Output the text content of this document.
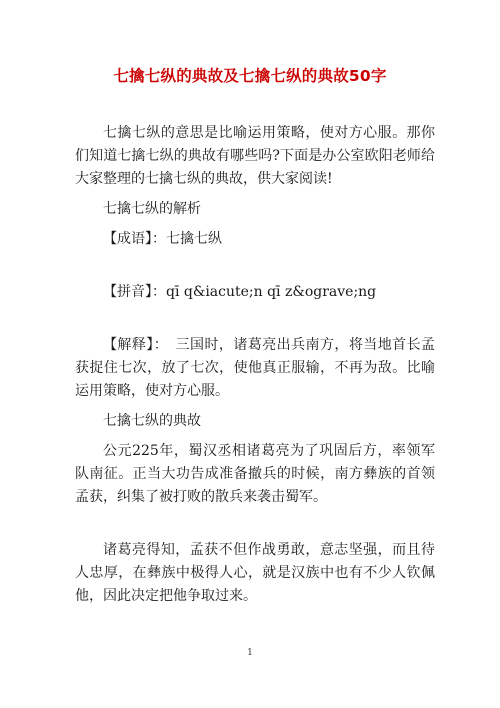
七擒七纵的典故及七擒七纵的典故50字

七擒七纵的意思是比喻运用策略，使对方心服。那你们知道七擒七纵的典故有哪些吗?下面是办公室欧阳老师给大家整理的七擒七纵的典故，供大家阅读!

七擒七纵的解析

【成语】：七擒七纵

【拼音】：qī q&iacute;n qī z&ograve;ng

【解释】：　三国时，诸葛亮出兵南方，将当地首长孟获捉住七次，放了七次，使他真正服输，不再为敌。比喻运用策略，使对方心服。

七擒七纵的典故

公元225年，蜀汉丞相诸葛亮为了巩固后方，率领军队南征。正当大功告成准备撤兵的时候，南方彝族的首领孟获，纠集了被打败的散兵来袭击蜀军。

诸葛亮得知，孟获不但作战勇敢，意志坚强，而且待人忠厚，在彝族中极得人心，就是汉族中也有不少人钦佩他，因此决定把他争取过来。

1
